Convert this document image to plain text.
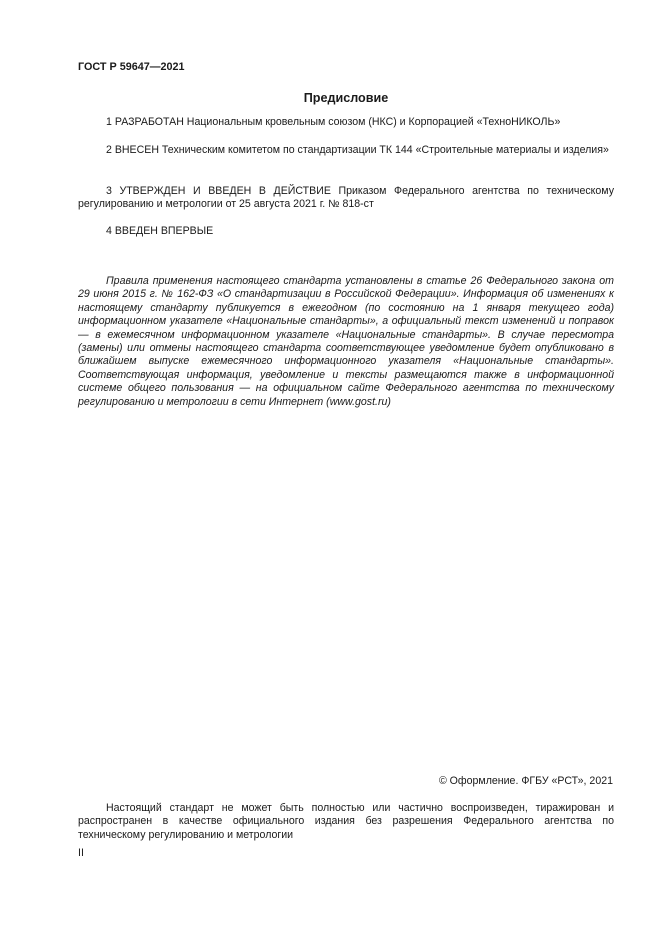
ГОСТ Р 59647—2021
Предисловие
1 РАЗРАБОТАН Национальным кровельным союзом (НКС) и Корпорацией «ТехноНИКОЛЬ»
2 ВНЕСЕН Техническим комитетом по стандартизации ТК 144 «Строительные материалы и изделия»
3 УТВЕРЖДЕН И ВВЕДЕН В ДЕЙСТВИЕ Приказом Федерального агентства по техническому регулированию и метрологии от 25 августа 2021 г. № 818-ст
4 ВВЕДЕН ВПЕРВЫЕ
Правила применения настоящего стандарта установлены в статье 26 Федерального закона от 29 июня 2015 г. № 162-ФЗ «О стандартизации в Российской Федерации». Информация об изменениях к настоящему стандарту публикуется в ежегодном (по состоянию на 1 января текущего года) информационном указателе «Национальные стандарты», а официальный текст изменений и поправок — в ежемесячном информационном указателе «Национальные стандарты». В случае пересмотра (замены) или отмены настоящего стандарта соответствующее уведомление будет опубликовано в ближайшем выпуске ежемесячного информационного указателя «Национальные стандарты». Соответствующая информация, уведомление и тексты размещаются также в информационной системе общего пользования — на официальном сайте Федерального агентства по техническому регулированию и метрологии в сети Интернет (www.gost.ru)
© Оформление. ФГБУ «РСТ», 2021
Настоящий стандарт не может быть полностью или частично воспроизведен, тиражирован и распространен в качестве официального издания без разрешения Федерального агентства по техническому регулированию и метрологии
II
